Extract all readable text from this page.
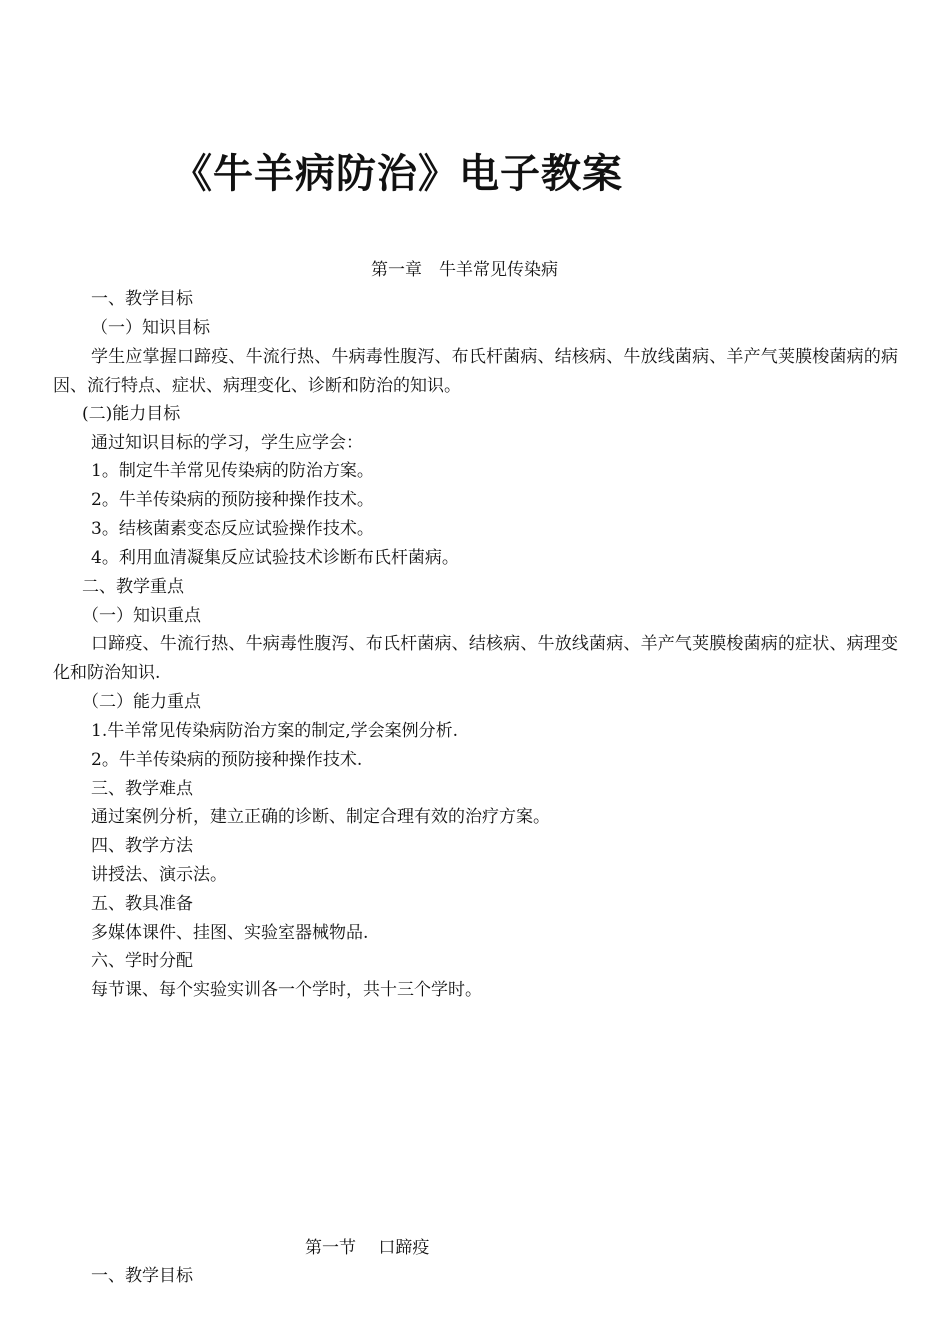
《牛羊病防治》电子教案
第一章　牛羊常见传染病
一、教学目标
（一）知识目标
学生应掌握口蹄疫、牛流行热、牛病毒性腹泻、布氏杆菌病、结核病、牛放线菌病、羊产气荚膜梭菌病的病因、流行特点、症状、病理变化、诊断和防治的知识。
(二)能力目标
通过知识目标的学习，学生应学会：
1。制定牛羊常见传染病的防治方案。
2。牛羊传染病的预防接种操作技术。
3。结核菌素变态反应试验操作技术。
4。利用血清凝集反应试验技术诊断布氏杆菌病。
二、教学重点
（一）知识重点
口蹄疫、牛流行热、牛病毒性腹泻、布氏杆菌病、结核病、牛放线菌病、羊产气荚膜梭菌病的症状、病理变化和防治知识.
（二）能力重点
1.牛羊常见传染病防治方案的制定,学会案例分析.
2。牛羊传染病的预防接种操作技术.
三、教学难点
通过案例分析，建立正确的诊断、制定合理有效的治疗方案。
四、教学方法
讲授法、演示法。
五、教具准备
多媒体课件、挂图、实验室器械物品.
六、学时分配
每节课、每个实验实训各一个学时，共十三个学时。
第一节　 口蹄疫
一、教学目标
